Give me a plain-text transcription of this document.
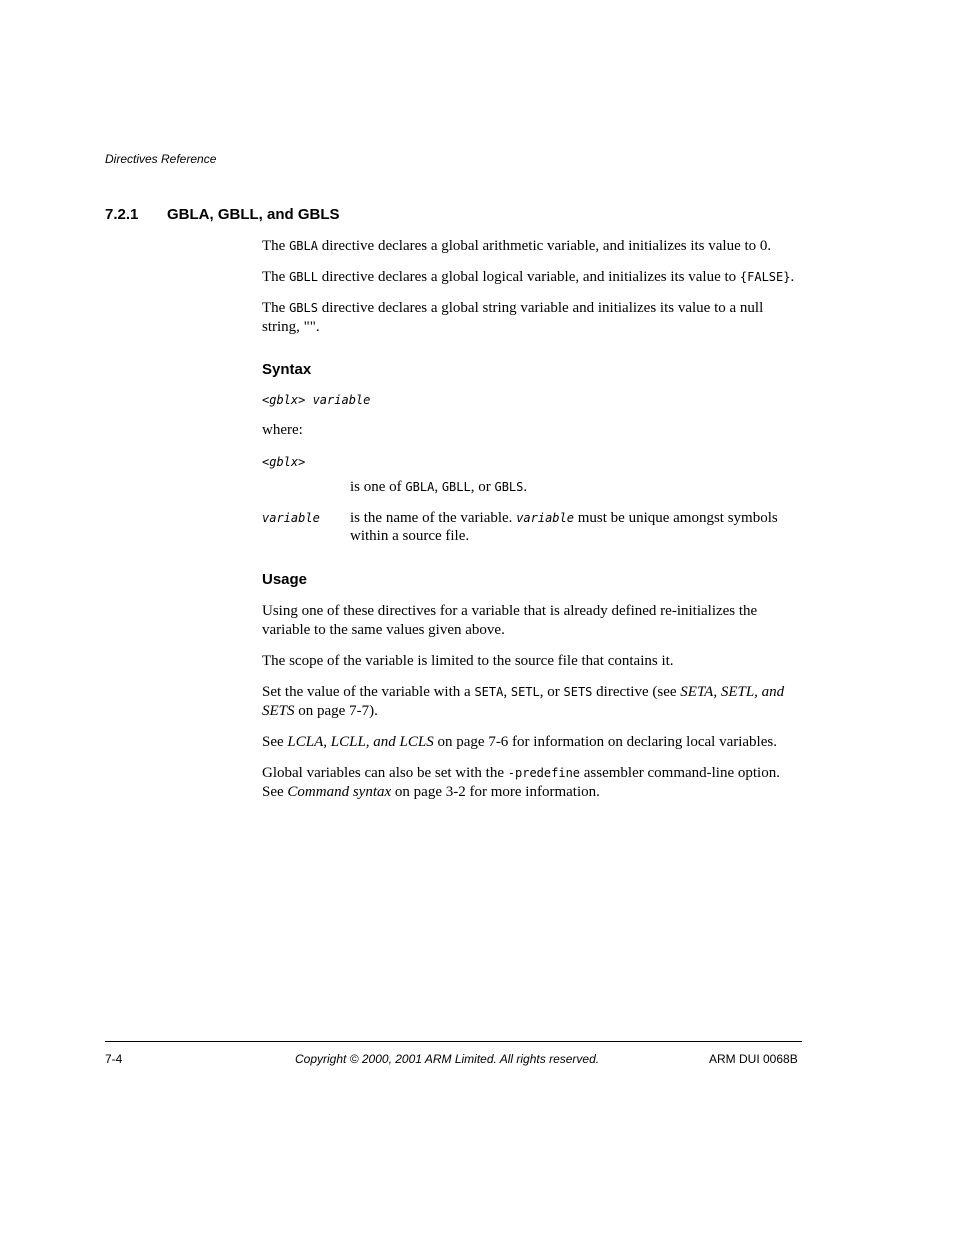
Directives Reference
7.2.1 GBLA, GBLL, and GBLS
The GBLA directive declares a global arithmetic variable, and initializes its value to 0.
The GBLL directive declares a global logical variable, and initializes its value to {FALSE}.
The GBLS directive declares a global string variable and initializes its value to a null string, "".
Syntax
<gblx> variable
where:
<gblx>
is one of GBLA, GBLL, or GBLS.
variable is the name of the variable. variable must be unique amongst symbols within a source file.
Usage
Using one of these directives for a variable that is already defined re-initializes the variable to the same values given above.
The scope of the variable is limited to the source file that contains it.
Set the value of the variable with a SETA, SETL, or SETS directive (see SETA, SETL, and SETS on page 7-7).
See LCLA, LCLL, and LCLS on page 7-6 for information on declaring local variables.
Global variables can also be set with the -predefine assembler command-line option. See Command syntax on page 3-2 for more information.
7-4	Copyright © 2000, 2001 ARM Limited. All rights reserved.	ARM DUI 0068B
